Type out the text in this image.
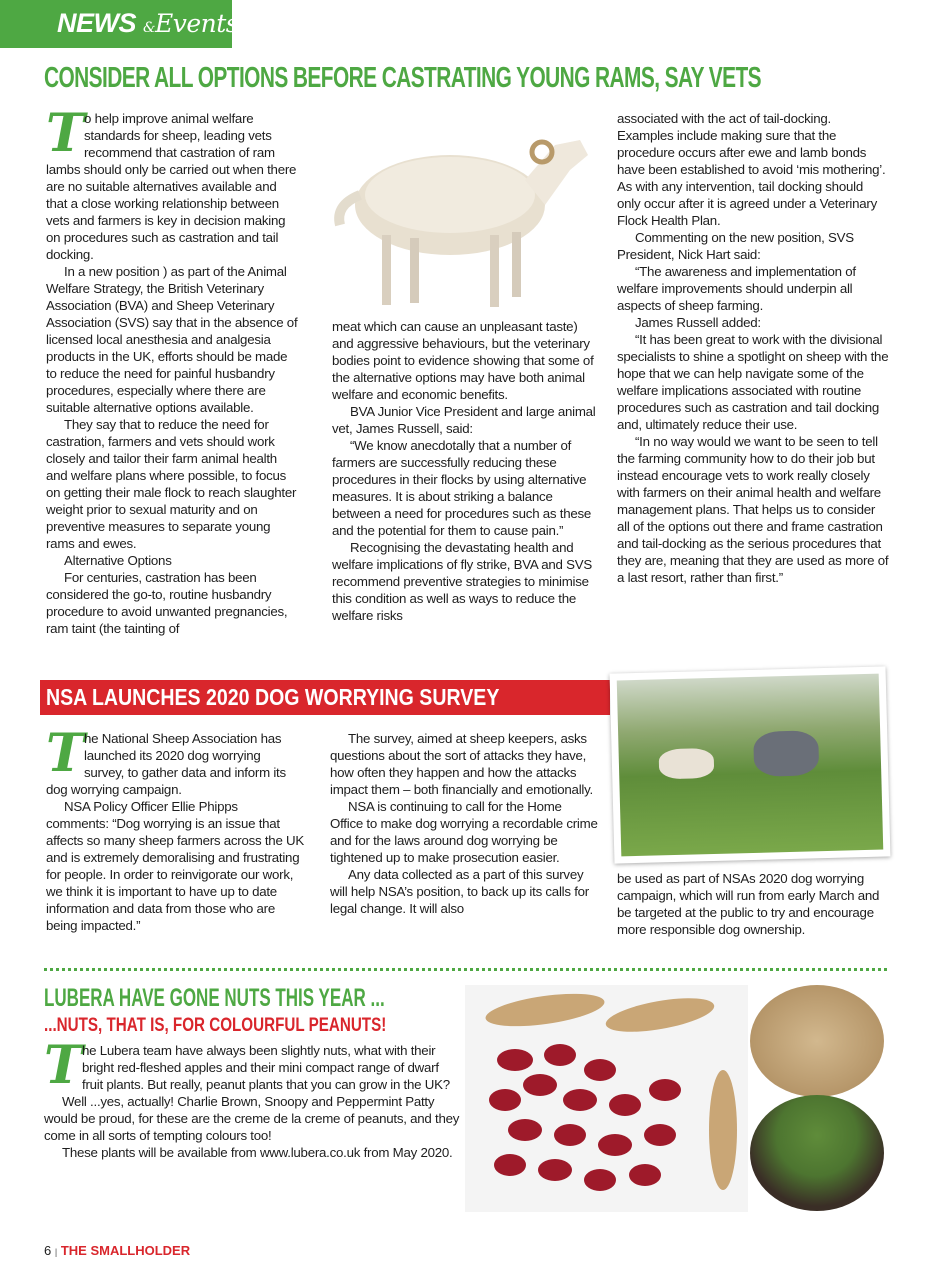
NEWS &Events
CONSIDER ALL OPTIONS BEFORE CASTRATING YOUNG RAMS, SAY VETS
T o help improve animal welfare standards for sheep, leading vets recommend that castration of ram lambs should only be carried out when there are no suitable alternatives available and that a close working relationship between vets and farmers is key in decision making on procedures such as castration and tail docking.

In a new position ) as part of the Animal Welfare Strategy, the British Veterinary Association (BVA) and Sheep Veterinary Association (SVS) say that in the absence of licensed local anesthesia and analgesia products in the UK, efforts should be made to reduce the need for painful husbandry procedures, especially where there are suitable alternative options available.

They say that to reduce the need for castration, farmers and vets should work closely and tailor their farm animal health and welfare plans where possible, to focus on getting their male flock to reach slaughter weight prior to sexual maturity and on preventive measures to separate young rams and ewes.

Alternative Options

For centuries, castration has been considered the go-to, routine husbandry procedure to avoid unwanted pregnancies, ram taint (the tainting of

meat which can cause an unpleasant taste) and aggressive behaviours, but the veterinary bodies point to evidence showing that some of the alternative options may have both animal welfare and economic benefits.

BVA Junior Vice President and large animal vet, James Russell, said:

“We know anecdotally that a number of farmers are successfully reducing these procedures in their flocks by using alternative measures. It is about striking a balance between a need for procedures such as these and the potential for them to cause pain.”

Recognising the devastating health and welfare implications of fly strike, BVA and SVS recommend preventive strategies to minimise this condition as well as ways to reduce the welfare risks

associated with the act of tail-docking. Examples include making sure that the procedure occurs after ewe and lamb bonds have been established to avoid ‘mis mothering’. As with any intervention, tail docking should only occur after it is agreed under a Veterinary Flock Health Plan.

Commenting on the new position, SVS President, Nick Hart said:

“The awareness and implementation of welfare improvements should underpin all aspects of sheep farming.

James Russell added:

“It has been great to work with the divisional specialists to shine a spotlight on sheep with the hope that we can help navigate some of the welfare implications associated with routine procedures such as castration and tail docking and, ultimately reduce their use.

“In no way would we want to be seen to tell the farming community how to do their job but instead encourage vets to work really closely with farmers on their animal health and welfare management plans. That helps us to consider all of the options out there and frame castration and tail-docking as the serious procedures that they are, meaning that they are used as more of a last resort, rather than first.”

NSA LAUNCHES 2020 DOG WORRYING SURVEY
T he National Sheep Association has launched its 2020 dog worrying survey, to gather data and inform its dog worrying campaign.

NSA Policy Officer Ellie Phipps comments: “Dog worrying is an issue that affects so many sheep farmers across the UK and is extremely demoralising and frustrating for people. In order to reinvigorate our work, we think it is important to have up to date information and data from those who are being impacted.”

The survey, aimed at sheep keepers, asks questions about the sort of attacks they have, how often they happen and how the attacks impact them – both financially and emotionally.

NSA is continuing to call for the Home Office to make dog worrying a recordable crime and for the laws around dog worrying be tightened up to make prosecution easier.

Any data collected as a part of this survey will help NSA’s position, to back up its calls for legal change. It will also

be used as part of NSAs 2020 dog worrying campaign, which will run from early March and be targeted at the public to try and encourage more responsible dog ownership.

LUBERA HAVE GONE NUTS THIS YEAR ...
...NUTS, THAT IS, FOR COLOURFUL PEANUTS!
T he Lubera team have always been slightly nuts, what with their bright red-fleshed apples and their mini compact range of dwarf fruit plants. But really, peanut plants that you can grow in the UK?

Well ...yes, actually! Charlie Brown, Snoopy and Peppermint Patty would be proud, for these are the creme de la creme of peanuts, and they come in all sorts of tempting colours too!

These plants will be available from www.lubera.co.uk from May 2020.

6 | THE SMALLHOLDER
